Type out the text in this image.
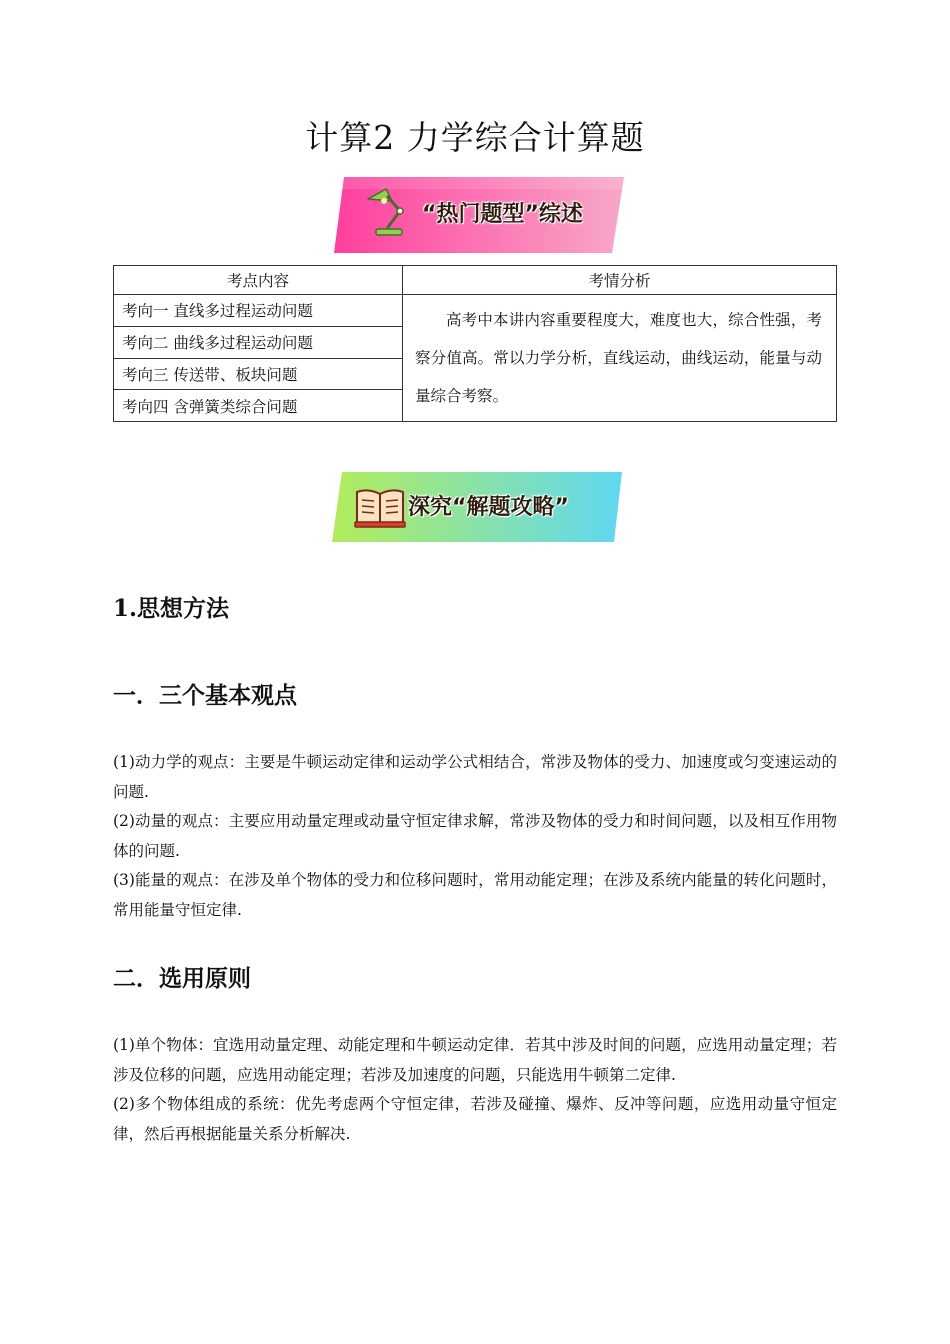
计算2 力学综合计算题
“热门题型”综述
考点内容	考情分析
考向一 直线多过程运动问题	高考中本讲内容重要程度大，难度也大，综合性强，考察分值高。常以力学分析，直线运动，曲线运动，能量与动量综合考察。
考向二 曲线多过程运动问题	
考向三 传送带、板块问题	
考向四 含弹簧类综合问题	
深究“解题攻略”
1.思想方法
一．三个基本观点
(1)动力学的观点：主要是牛顿运动定律和运动学公式相结合，常涉及物体的受力、加速度或匀变速运动的问题.
(2)动量的观点：主要应用动量定理或动量守恒定律求解，常涉及物体的受力和时间问题，以及相互作用物体的问题.
(3)能量的观点：在涉及单个物体的受力和位移问题时，常用动能定理；在涉及系统内能量的转化问题时，常用能量守恒定律.
二．选用原则
(1)单个物体：宜选用动量定理、动能定理和牛顿运动定律．若其中涉及时间的问题，应选用动量定理；若涉及位移的问题，应选用动能定理；若涉及加速度的问题，只能选用牛顿第二定律.
(2)多个物体组成的系统：优先考虑两个守恒定律，若涉及碰撞、爆炸、反冲等问题，应选用动量守恒定律，然后再根据能量关系分析解决.
